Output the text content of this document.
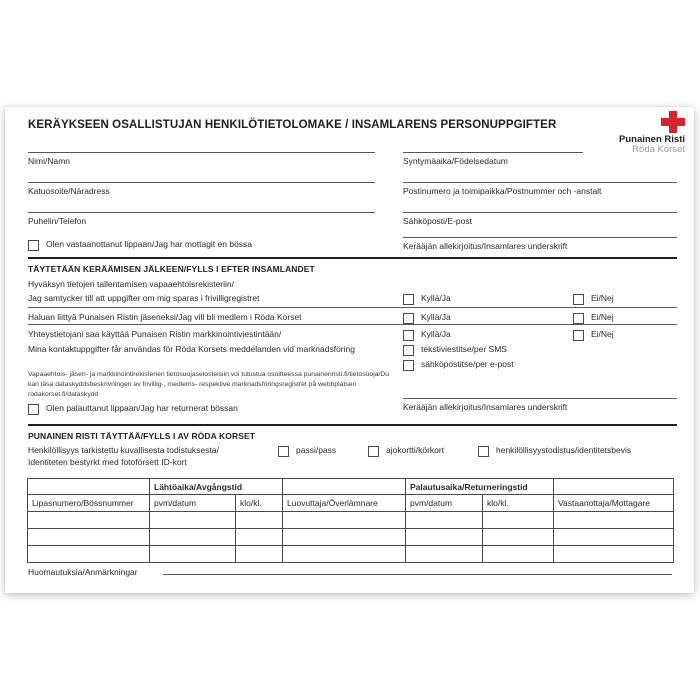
KERÄYKSEEN OSALLISTUJAN HENKILÖTIETOLOMAKE / INSAMLARENS PERSONUPPGIFTER
Punainen Risti
Röda Korset
Nimi/Namn	Syntymäaika/Födelsedatum
Katuosoite/Näradress	Postinumero ja toimipaikka/Postnummer och -anstalt
Puhelin/Telefon	Sähköposti/E-post
Olen vastaanottanut lippaan/Jag har mottagit en bössa	Kerääjän allekirjoitus/Insamlares underskrift
TÄYTETÄÄN KERÄÄMISEN JÄLKEEN/FYLLS I EFTER INSAMLANDET
Hyväksyn tietojen tallentamisen vapaaehtoisrekisteriin/
Jag samtycker till att uppgifter om mig sparas i frivilligregistret	Kyllä/Ja	Ei/Nej
Haluan liittyä Punaisen Ristin jäseneksi/Jag vill bli medlem i Röda Korset	Kyllä/Ja	Ei/Nej
Yhteystietojani saa käyttää Punaisen Ristin markkinointiviestintään/	Kyllä/Ja	Ei/Nej
Mina kontaktuppgifter får användas för Röda Korsets meddelanden vid marknadsföring	tekstiviestitse/per SMS
sähköpostitse/per e-post
Vapaaehtois- jäsen- ja markkinointirekisterien tietosuojaselosteisiin voi tutustua osoitteessa punainenristi.fi/tietosuoja/Du kan läsa dataskyddsbeskrivningen av frivillig-, medlems- respektive marknadsföringsregistret på webbplatsen rodakorset.fi/dataskydd
Kerääjän allekirjoitus/Insamlares underskrift
Olen palauttanut lippaan/Jag har returnerat bössan
PUNAINEN RISTI TÄYTTÄÄ/FYLLS I AV RÖDA KORSET
Henkilöllisyys tarkistettu kuvallisesta todistuksesta/
Identiteten bestyrkt med fotoförsett ID-kort
passi/pass	ajokortti/körkort	henkilöllisyystodistus/identitetsbevis
	Lähtöaika/Avgångstid			Palautusaika/Returneringstid		
Lipasnumero/Bössnummer	pvm/datum	klo/kl.	Luovuttaja/Överlämnare	pvm/datum	klo/kl.	Vastaanottaja/Mottagare

Huomautuksia/Anmärkningar
